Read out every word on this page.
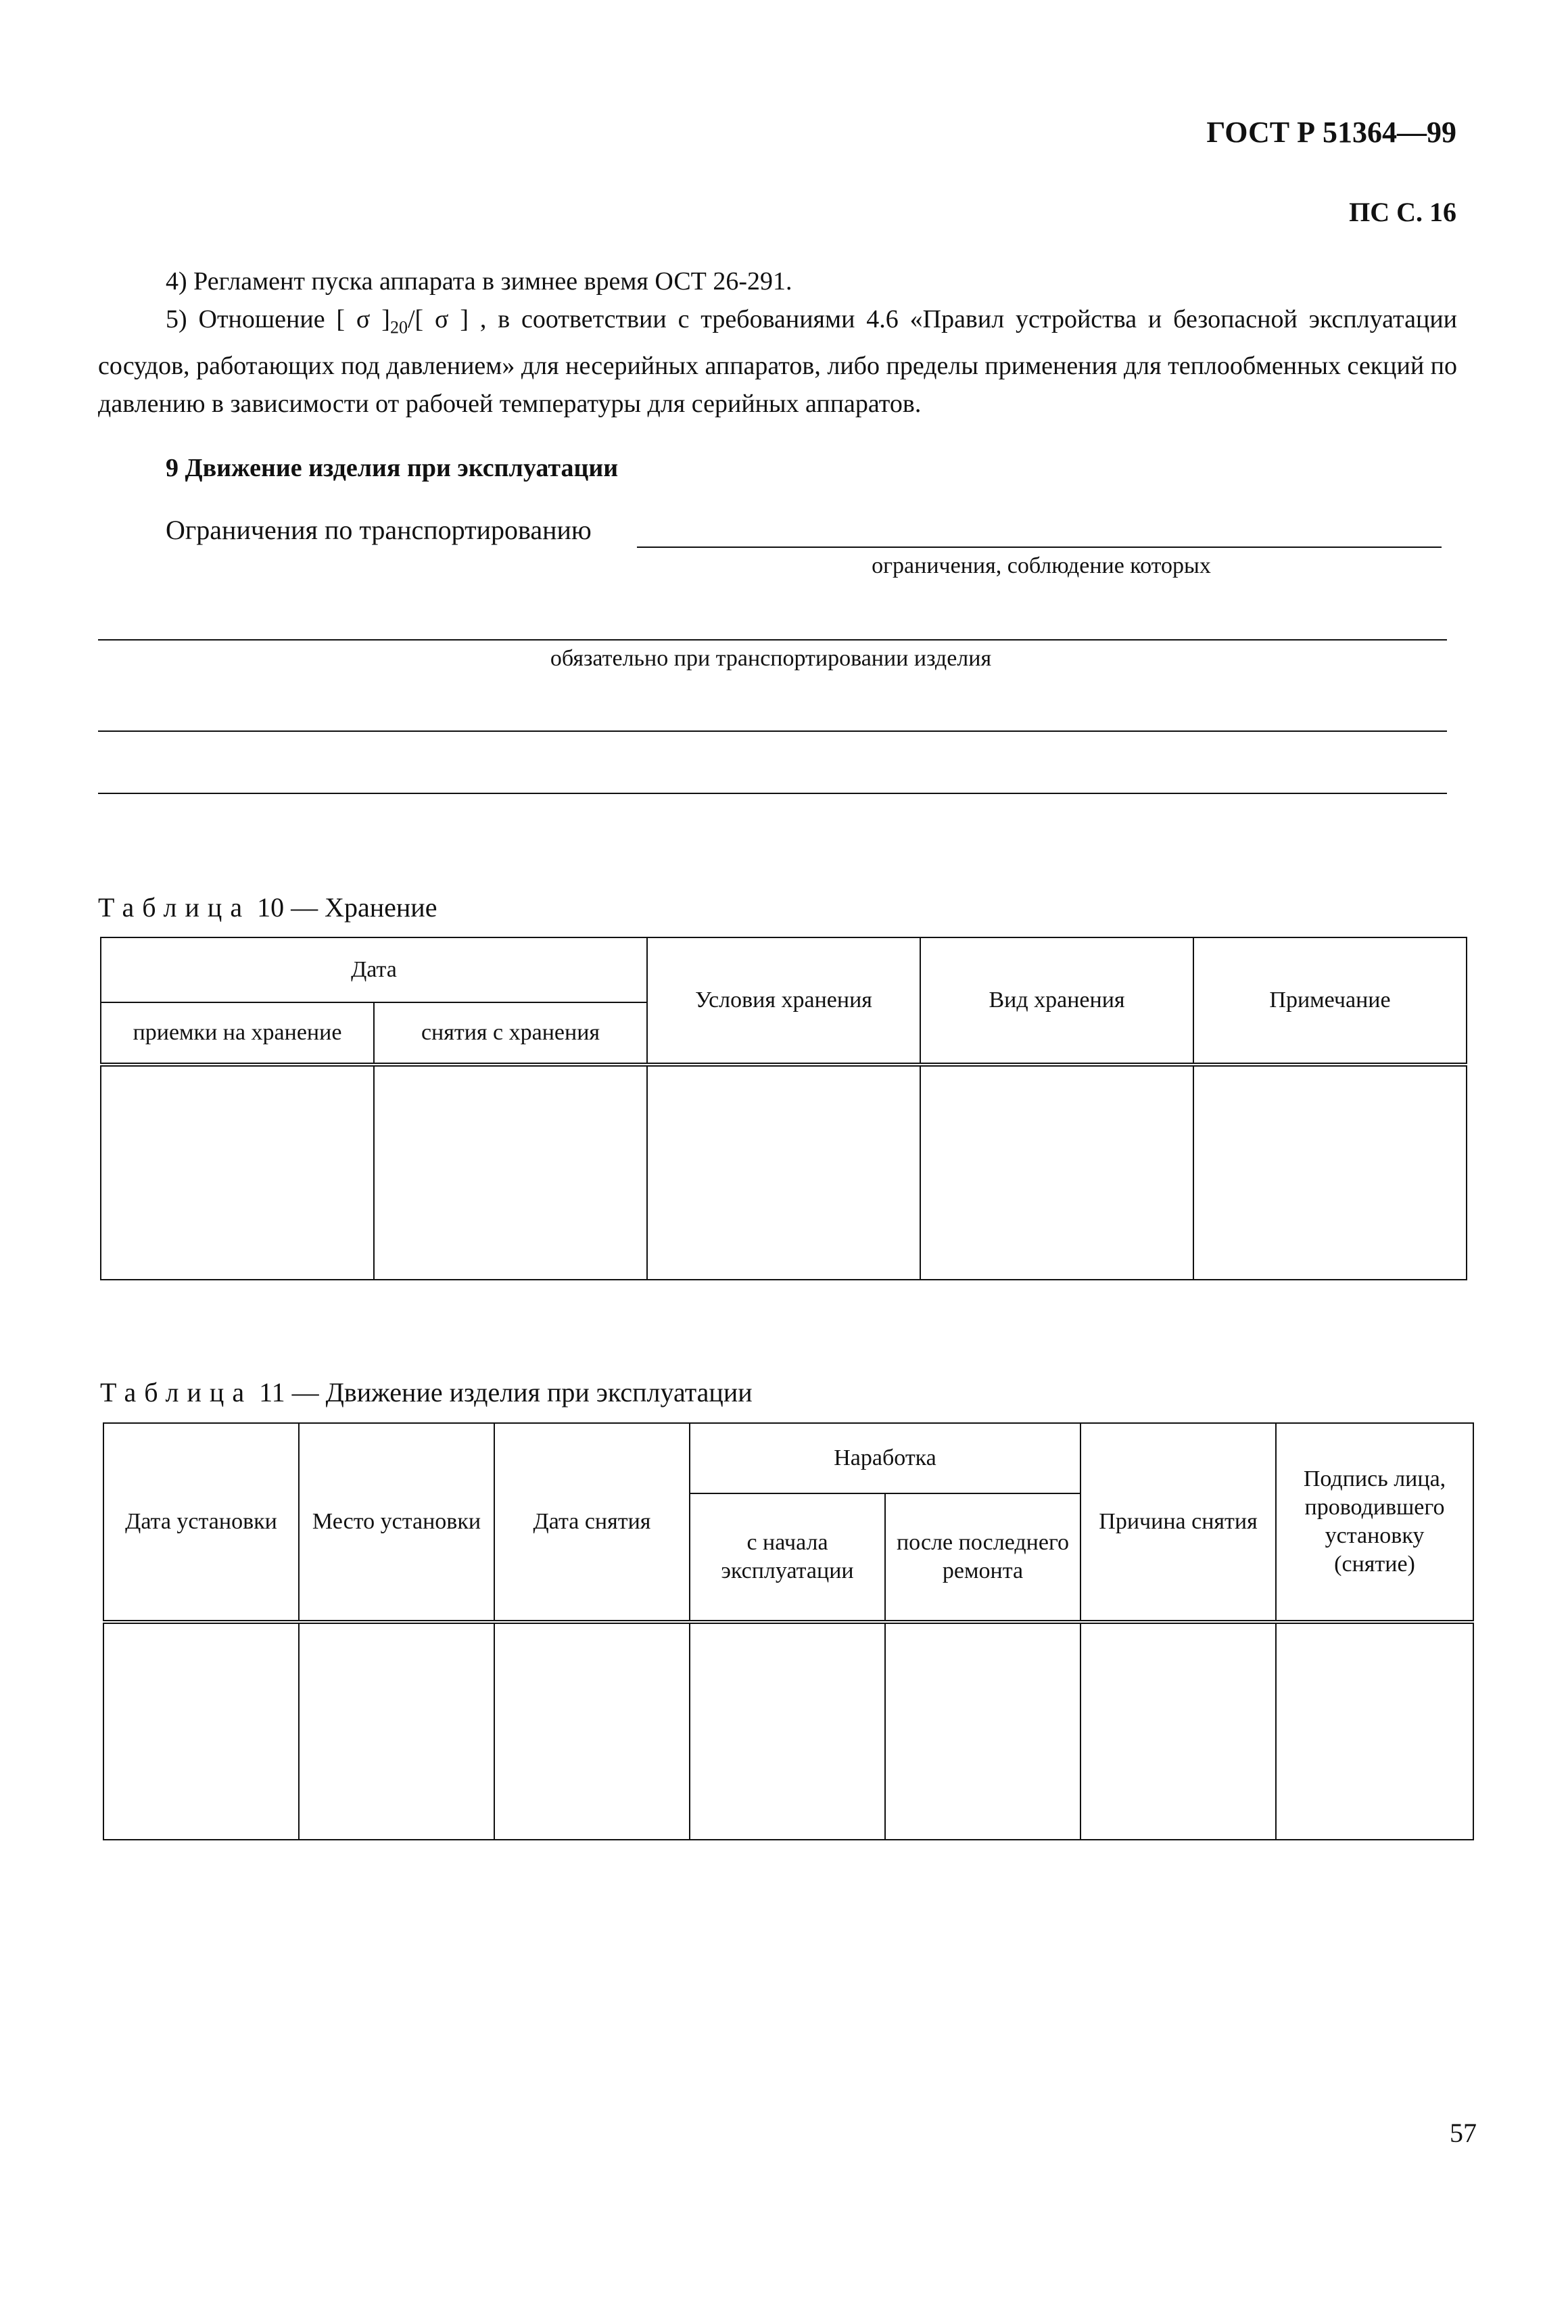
ГОСТ Р 51364—99
ПС С. 16

4) Регламент пуска аппарата в зимнее время ОСТ 26-291.

5) Отношение [ σ ]$_{20}/$[ σ ] , в соответствии с требованиями 4.6 «Правил устройства и безопасной эксплуатации сосудов, работающих под давлением» для несерийных аппаратов, либо пределы применения для теплообменных секций по давлению в зависимости от рабочей температуры для серийных аппаратов.

9 Движение изделия при эксплуатации
Ограничения по транспортированию
ограничения, соблюдение которых
обязательно при транспортировании изделия
Таблица 10 — Хранение
Дата		Условия хранения	Вид хранения	Примечание
приемки на хранение	снятия с хранения			

Таблица 11 — Движение изделия при эксплуатации
Дата установки	Место установки	Дата снятия	Наработка		Причина снятия	Подпись лица, проводившего установку (снятие)
			с начала эксплуатации	после последнего ремонта		

57
